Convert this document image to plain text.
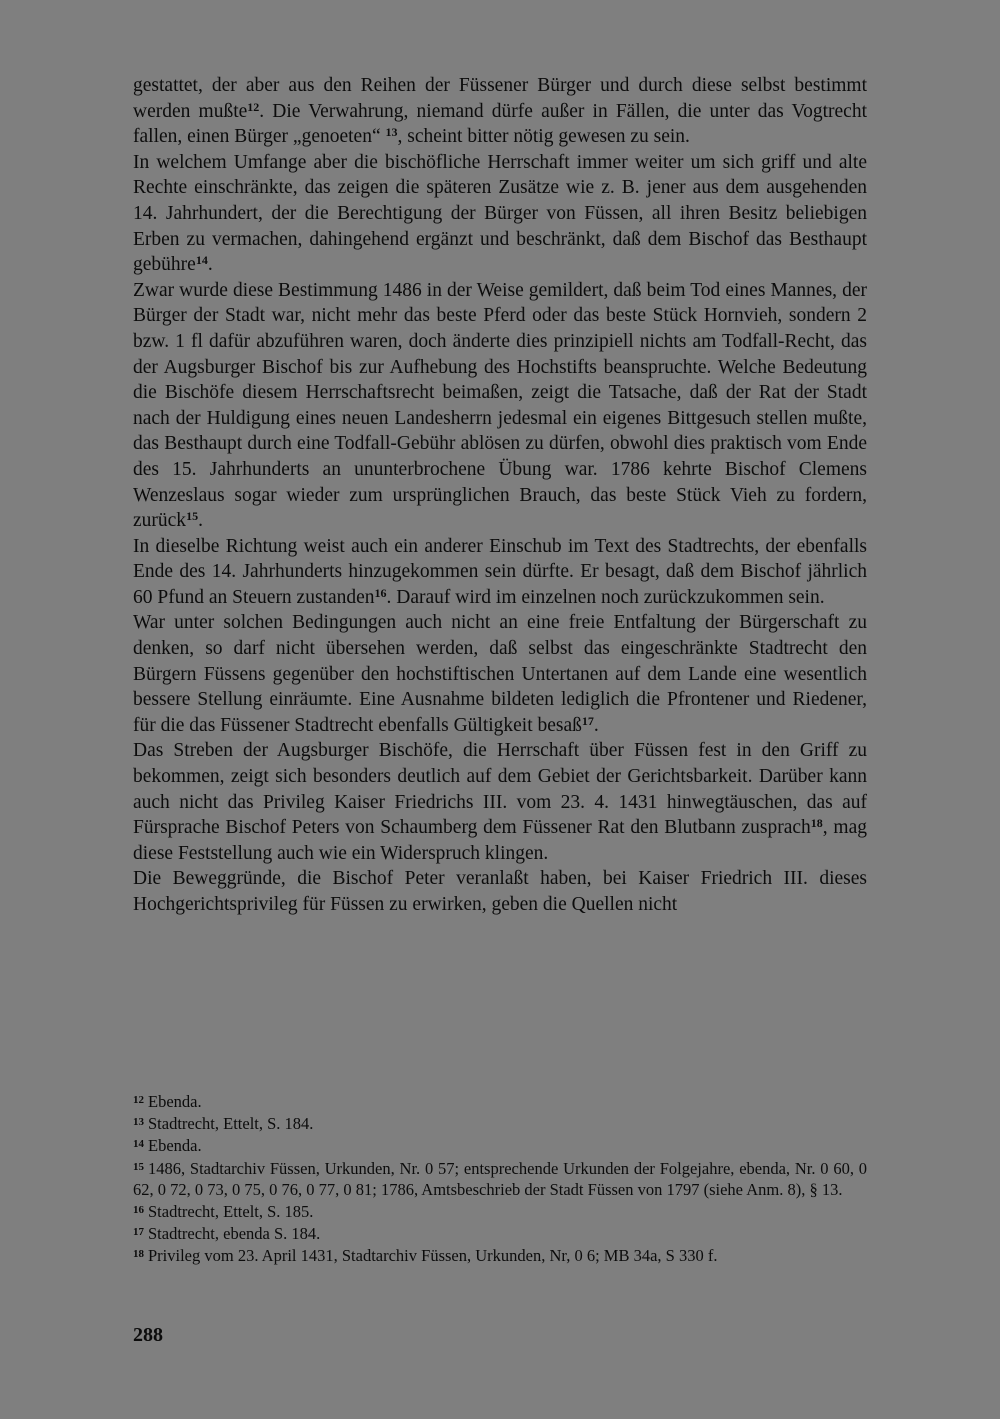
gestattet, der aber aus den Reihen der Füssener Bürger und durch diese selbst bestimmt werden mußte$^{12}$. Die Verwahrung, niemand dürfe außer in Fällen, die unter das Vogtrecht fallen, einen Bürger „genoeten“ $^{13}$, scheint bitter nötig gewesen zu sein.

In welchem Umfange aber die bischöfliche Herrschaft immer weiter um sich griff und alte Rechte einschränkte, das zeigen die späteren Zusätze wie z. B. jener aus dem ausgehenden 14. Jahrhundert, der die Berechtigung der Bürger von Füssen, all ihren Besitz beliebigen Erben zu vermachen, dahingehend ergänzt und beschränkt, daß dem Bischof das Besthaupt gebühre$^{14}$.

Zwar wurde diese Bestimmung 1486 in der Weise gemildert, daß beim Tod eines Mannes, der Bürger der Stadt war, nicht mehr das beste Pferd oder das beste Stück Hornvieh, sondern 2 bzw. 1 fl dafür abzuführen waren, doch änderte dies prinzipiell nichts am Todfall-Recht, das der Augsburger Bischof bis zur Aufhebung des Hochstifts beanspruchte. Welche Bedeutung die Bischöfe diesem Herrschaftsrecht beimaßen, zeigt die Tatsache, daß der Rat der Stadt nach der Huldigung eines neuen Landesherrn jedesmal ein eigenes Bittgesuch stellen mußte, das Besthaupt durch eine Todfall-Gebühr ablösen zu dürfen, obwohl dies praktisch vom Ende des 15. Jahrhunderts an ununterbrochene Übung war. 1786 kehrte Bischof Clemens Wenzeslaus sogar wieder zum ursprünglichen Brauch, das beste Stück Vieh zu fordern, zurück$^{15}$.

In dieselbe Richtung weist auch ein anderer Einschub im Text des Stadtrechts, der ebenfalls Ende des 14. Jahrhunderts hinzugekommen sein dürfte. Er besagt, daß dem Bischof jährlich 60 Pfund an Steuern zustanden$^{16}$. Darauf wird im einzelnen noch zurückzukommen sein.

War unter solchen Bedingungen auch nicht an eine freie Entfaltung der Bürgerschaft zu denken, so darf nicht übersehen werden, daß selbst das eingeschränkte Stadtrecht den Bürgern Füssens gegenüber den hochstiftischen Untertanen auf dem Lande eine wesentlich bessere Stellung einräumte. Eine Ausnahme bildeten lediglich die Pfrontener und Riedener, für die das Füssener Stadtrecht ebenfalls Gültigkeit besaß$^{17}$.

Das Streben der Augsburger Bischöfe, die Herrschaft über Füssen fest in den Griff zu bekommen, zeigt sich besonders deutlich auf dem Gebiet der Gerichtsbarkeit. Darüber kann auch nicht das Privileg Kaiser Friedrichs III. vom 23. 4. 1431 hinwegtäuschen, das auf Fürsprache Bischof Peters von Schaumberg dem Füssener Rat den Blutbann zusprach$^{18}$, mag diese Feststellung auch wie ein Widerspruch klingen.

Die Beweggründe, die Bischof Peter veranlaßt haben, bei Kaiser Friedrich III. dieses Hochgerichtsprivileg für Füssen zu erwirken, geben die Quellen nicht

$^{12}$ Ebenda.

$^{13}$ Stadtrecht, Ettelt, S. 184.

$^{14}$ Ebenda.

$^{15}$ 1486, Stadtarchiv Füssen, Urkunden, Nr. 0 57; entsprechende Urkunden der Folgejahre, ebenda, Nr. 0 60, 0 62, 0 72, 0 73, 0 75, 0 76, 0 77, 0 81; 1786, Amtsbeschrieb der Stadt Füssen von 1797 (siehe Anm. 8), § 13.

$^{16}$ Stadtrecht, Ettelt, S. 185.

$^{17}$ Stadtrecht, ebenda S. 184.

$^{18}$ Privileg vom 23. April 1431, Stadtarchiv Füssen, Urkunden, Nr, 0 6; MB 34a, S 330 f.

288
